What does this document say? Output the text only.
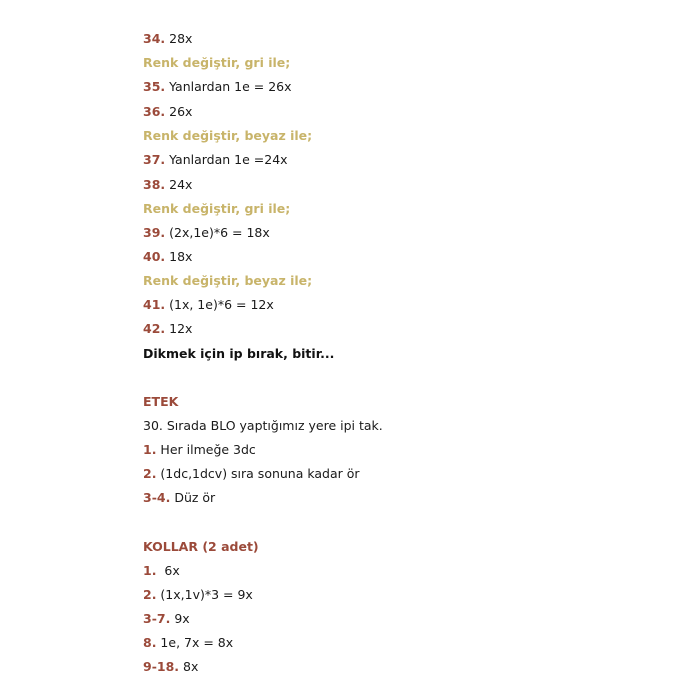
34. 28x
Renk değiştir, gri ile;
35. Yanlardan 1e = 26x
36. 26x
Renk değiştir, beyaz ile;
37. Yanlardan 1e =24x
38. 24x
Renk değiştir, gri ile;
39. (2x,1e)*6 = 18x
40. 18x
Renk değiştir, beyaz ile;
41. (1x, 1e)*6 = 12x
42. 12x
Dikmek için ip bırak, bitir...
ETEK
30. Sırada BLO yaptığımız yere ipi tak.
1. Her ilmeğe 3dc
2. (1dc,1dcv) sıra sonuna kadar ör
3-4. Düz ör
KOLLAR (2 adet)
1.  6x
2. (1x,1v)*3 = 9x
3-7. 9x
8. 1e, 7x = 8x
9-18. 8x
